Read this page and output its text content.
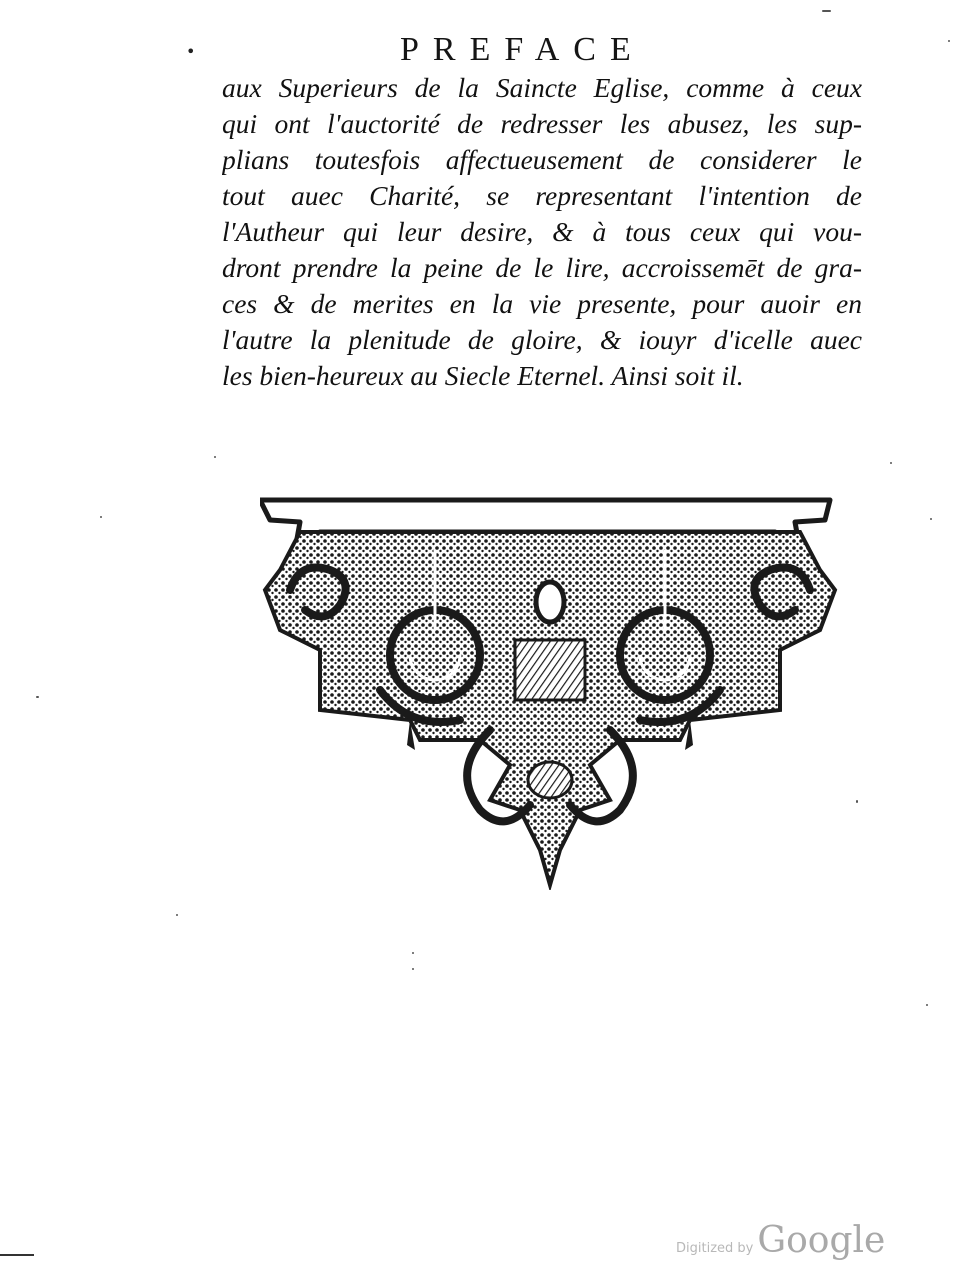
•	PREFACE
aux Superieurs de la Saincte Eglise, comme à ceux
qui ont l'auctorité de redresser les abusez, les sup-
plians toutesfois affectueusement de considerer le
tout auec Charité, se representant l'intention de
l'Autheur qui leur desire, & à tous ceux qui vou-
dront prendre la peine de le lire, accroissemēt de gra-
ces & de merites en la vie presente, pour auoir en
l'autre la plenitude de gloire, & iouyr d'icelle auec
les bien-heureux au Siecle Eternel. Ainsi soit il.
Digitized by Google
